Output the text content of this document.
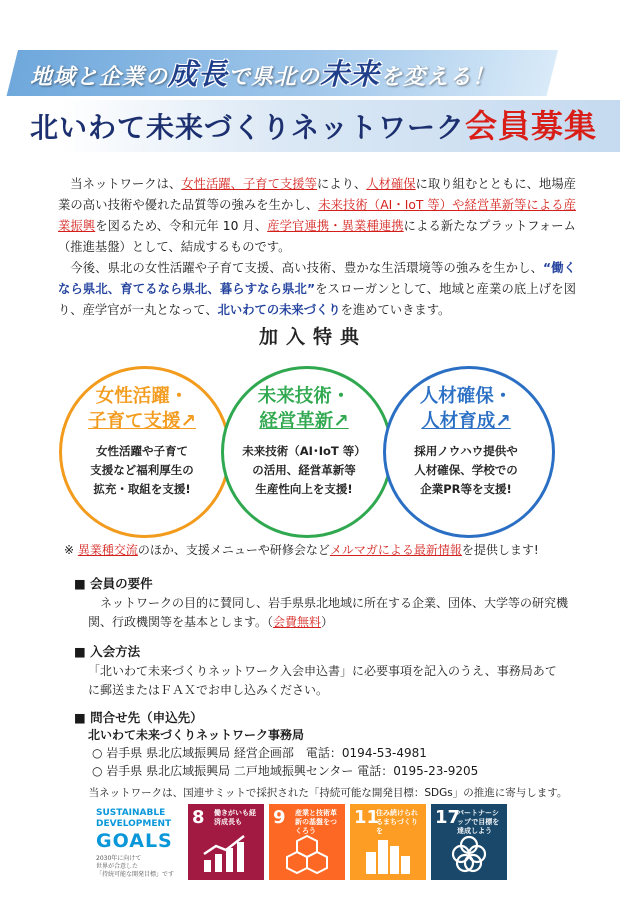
地域と企業の成長で県北の未来を変える！
北いわて未来づくりネットワーク会員募集

当ネットワークは、女性活躍、子育て支援等により、人材確保に取り組むとともに、地場産業の高い技術や優れた品質等の強みを生かし、未来技術（AI・IoT 等）や経営革新等による産業振興を図るため、令和元年 10 月、産学官連携・異業種連携による新たなプラットフォーム（推進基盤）として、結成するものです。

今後、県北の女性活躍や子育て支援、高い技術、豊かな生活環境等の強みを生かし、“働くなら県北、育てるなら県北、暮らすなら県北”をスローガンとして、地域と産業の底上げを図り、産学官が一丸となって、北いわての未来づくりを進めていきます。

加入特典
女性活躍・
子育て支援↗
未来技術・
経営革新↗
人材確保・
人材育成↗
女性活躍や子育て
支援など福利厚生の
拡充・取組を支援!
未来技術（AI･IoT 等）
の活用、経営革新等
生産性向上を支援!
採用ノウハウ提供や
人材確保、学校での
企業PR等を支援!
※ 異業種交流のほか、支援メニューや研修会などメルマガによる最新情報を提供します!
■ 会員の要件

　ネットワークの目的に賛同し、岩手県県北地域に所在する企業、団体、大学等の研究機関、行政機関等を基本とします。（会費無料）

■ 入会方法
「北いわて未来づくりネットワーク入会申込書」に必要事項を記入のうえ、事務局あてに郵送またはＦＡＸでお申し込みください。
■ 問合せ先（申込先）
北いわて未来づくりネットワーク事務局
○ 岩手県 県北広域振興局 経営企画部　電話：0194-53-4981
○ 岩手県 県北広域振興局 二戸地域振興センター 電話：0195-23-9205
当ネットワークは、国連サミットで採択された「持続可能な開発目標：SDGs」の推進に寄与します。
SUSTAINABLE
DEVELOPMENT
GOALS
2030年に向けて
世界が合意した
「持続可能な開発目標」です
8 働きがいも経済成長も	9 産業と技術革新の基盤をつくろう
11
住み続けられるまちづくりを
17
パートナーシップで目標を達成しよう
